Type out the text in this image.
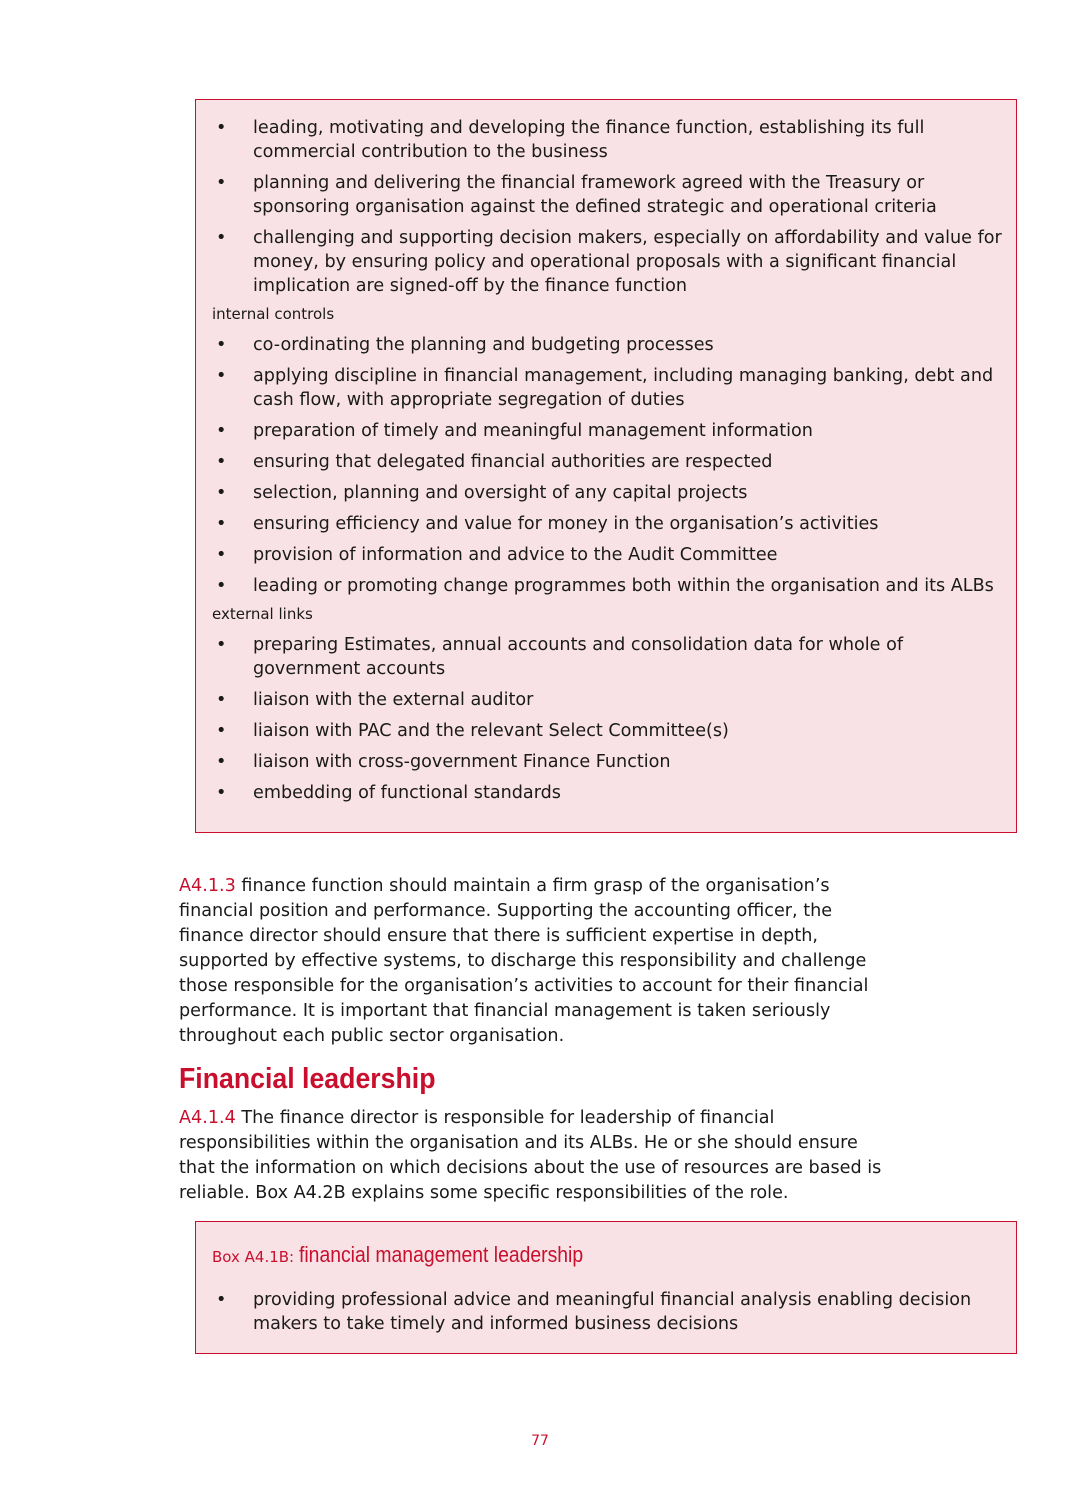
• leading, motivating and developing the finance function, establishing its full commercial contribution to the business
• planning and delivering the financial framework agreed with the Treasury or sponsoring organisation against the defined strategic and operational criteria
• challenging and supporting decision makers, especially on affordability and value for money, by ensuring policy and operational proposals with a significant financial implication are signed-off by the finance function
internal controls
• co-ordinating the planning and budgeting processes
• applying discipline in financial management, including managing banking, debt and cash flow, with appropriate segregation of duties
• preparation of timely and meaningful management information
• ensuring that delegated financial authorities are respected
• selection, planning and oversight of any capital projects
• ensuring efficiency and value for money in the organisation’s activities
• provision of information and advice to the Audit Committee
• leading or promoting change programmes both within the organisation and its ALBs
external links
• preparing Estimates, annual accounts and consolidation data for whole of government accounts
• liaison with the external auditor
• liaison with PAC and the relevant Select Committee(s)
• liaison with cross-government Finance Function
• embedding of functional standards

A4.1.3 finance function should maintain a firm grasp of the organisation’s financial position and performance. Supporting the accounting officer, the finance director should ensure that there is sufficient expertise in depth, supported by effective systems, to discharge this responsibility and challenge those responsible for the organisation’s activities to account for their financial performance. It is important that financial management is taken seriously throughout each public sector organisation.

Financial leadership

A4.1.4 The finance director is responsible for leadership of financial responsibilities within the organisation and its ALBs. He or she should ensure that the information on which decisions about the use of resources are based is reliable. Box A4.2B explains some specific responsibilities of the role.

Box A4.1B: financial management leadership
• providing professional advice and meaningful financial analysis enabling decision makers to take timely and informed business decisions
77
